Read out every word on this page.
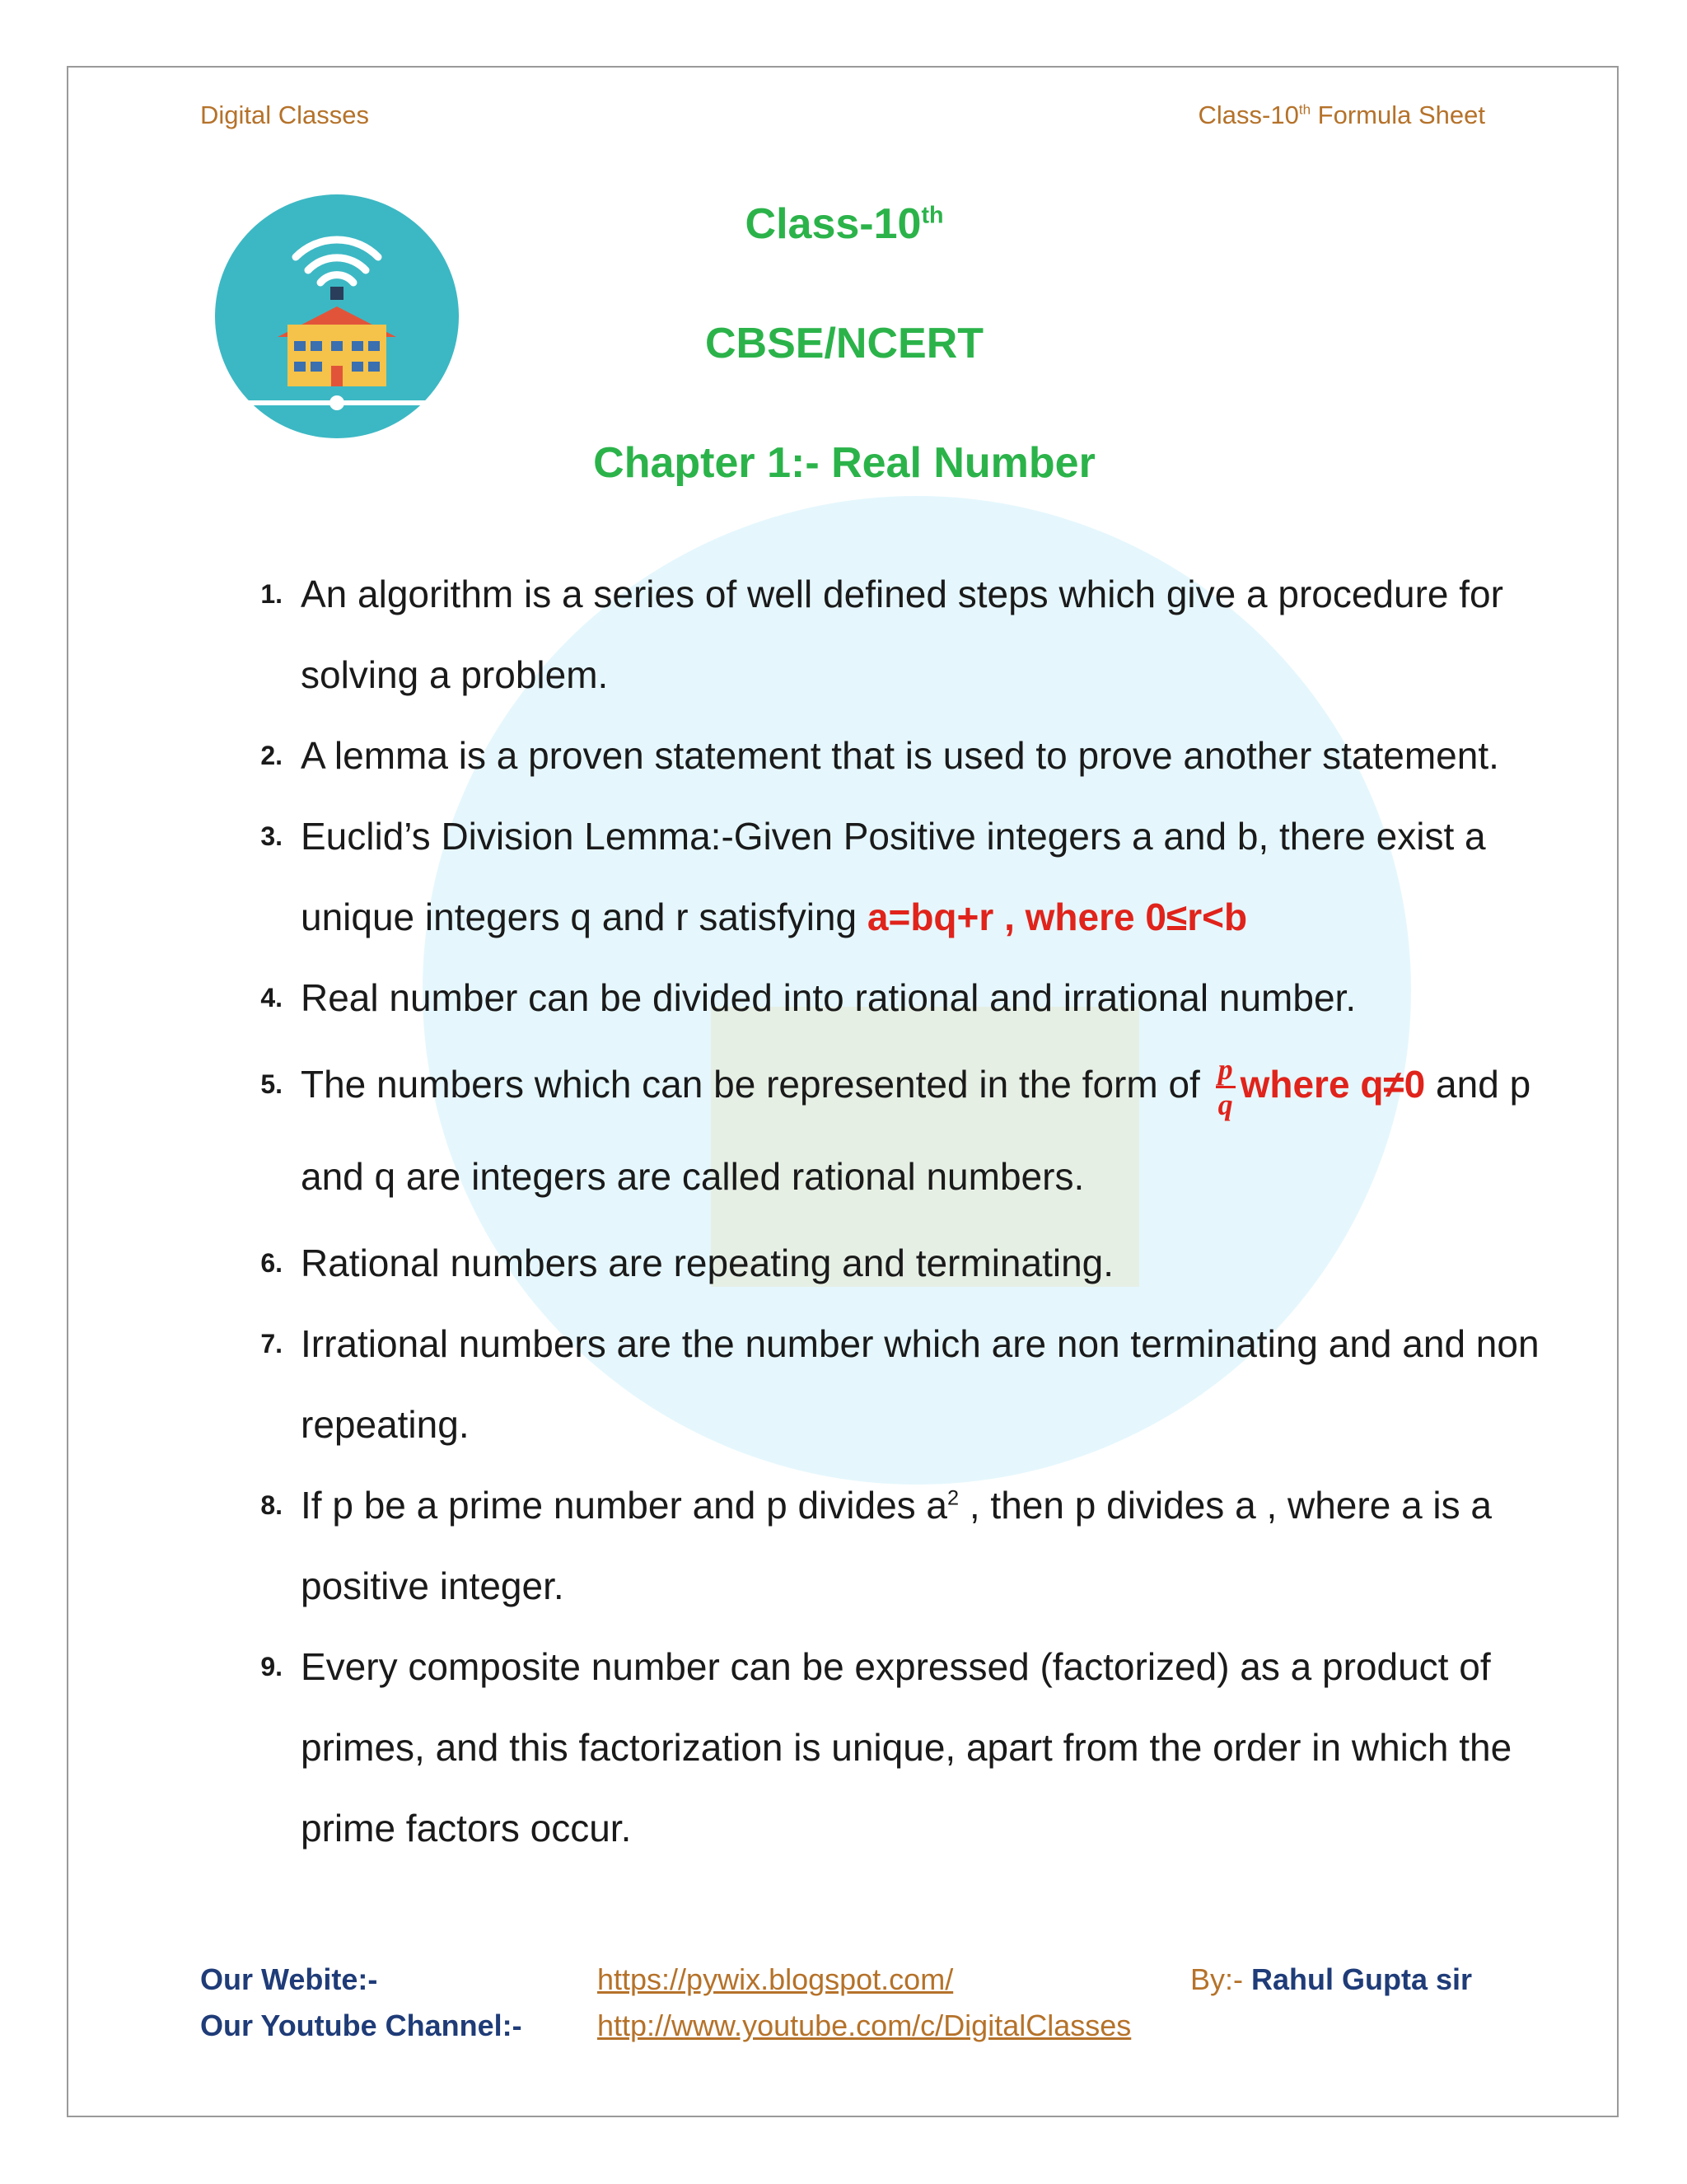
Digital Classes	Class-10th Formula Sheet
Class-10th
CBSE/NCERT
Chapter 1:- Real Number
1. An algorithm is a series of well defined steps which give a procedure for solving a problem.
2. A lemma is a proven statement that is used to prove another statement.
3. Euclid’s Division Lemma:-Given Positive integers a and b, there exist a unique integers q and r satisfying a=bq+r , where 0≤r<b
4. Real number can be divided into rational and irrational number.
5. The numbers which can be represented in the form of $\frac{p}{q}$ where q≠0 and p and q are integers are called rational numbers.
6. Rational numbers are repeating and terminating.
7. Irrational numbers are the number which are non terminating and and non repeating.
8. If p be a prime number and p divides $a^2$ , then p divides a , where a is a positive integer.
9. Every composite number can be expressed (factorized) as a product of primes, and this factorization is unique, apart from the order in which the prime factors occur.
Our Webite:-	https://pywix.blogspot.com/	By:- Rahul Gupta sir
Our Youtube Channel:-	http://www.youtube.com/c/DigitalClasses
